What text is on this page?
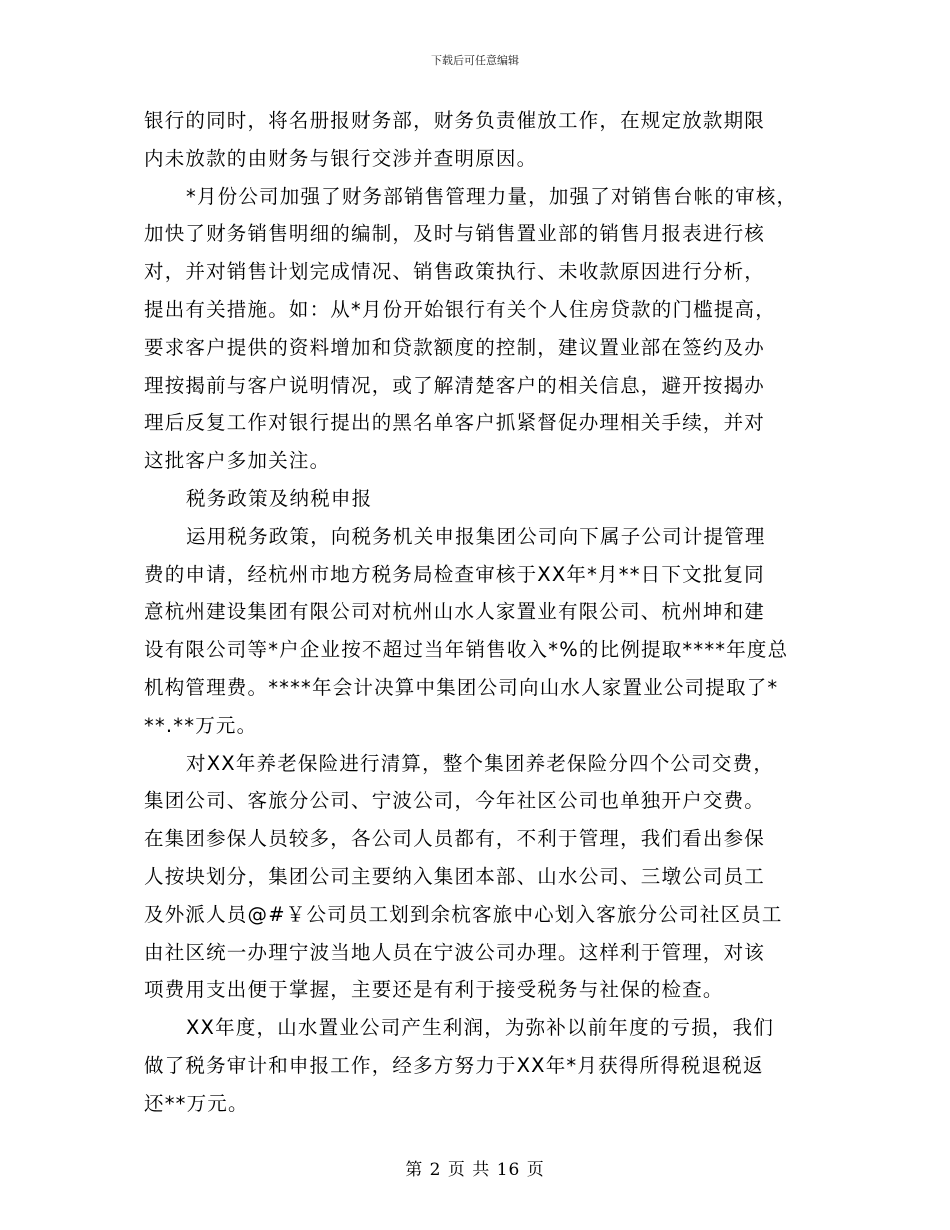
下载后可任意编辑
银行的同时，将名册报财务部，财务负责催放工作，在规定放款期限
内未放款的由财务与银行交涉并查明原因。
*月份公司加强了财务部销售管理力量，加强了对销售台帐的审核，
加快了财务销售明细的编制，及时与销售置业部的销售月报表进行核
对，并对销售计划完成情况、销售政策执行、未收款原因进行分析，
提出有关措施。如：从*月份开始银行有关个人住房贷款的门槛提高，
要求客户提供的资料增加和贷款额度的控制，建议置业部在签约及办
理按揭前与客户说明情况，或了解清楚客户的相关信息，避开按揭办
理后反复工作对银行提出的黑名单客户抓紧督促办理相关手续，并对
这批客户多加关注。
税务政策及纳税申报
运用税务政策，向税务机关申报集团公司向下属子公司计提管理
费的申请，经杭州市地方税务局检查审核于XX年*月**日下文批复同
意杭州建设集团有限公司对杭州山水人家置业有限公司、杭州坤和建
设有限公司等*户企业按不超过当年销售收入*%的比例提取****年度总
机构管理费。****年会计决算中集团公司向山水人家置业公司提取了*
**.**万元。
对XX年养老保险进行清算，整个集团养老保险分四个公司交费，
集团公司、客旅分公司、宁波公司，今年社区公司也单独开户交费。
在集团参保人员较多，各公司人员都有，不利于管理，我们看出参保
人按块划分，集团公司主要纳入集团本部、山水公司、三墩公司员工
及外派人员@#￥公司员工划到余杭客旅中心划入客旅分公司社区员工
由社区统一办理宁波当地人员在宁波公司办理。这样利于管理，对该
项费用支出便于掌握，主要还是有利于接受税务与社保的检查。
XX年度，山水置业公司产生利润，为弥补以前年度的亏损，我们
做了税务审计和申报工作，经多方努力于XX年*月获得所得税退税返
还**万元。
第 2 页 共 16 页
